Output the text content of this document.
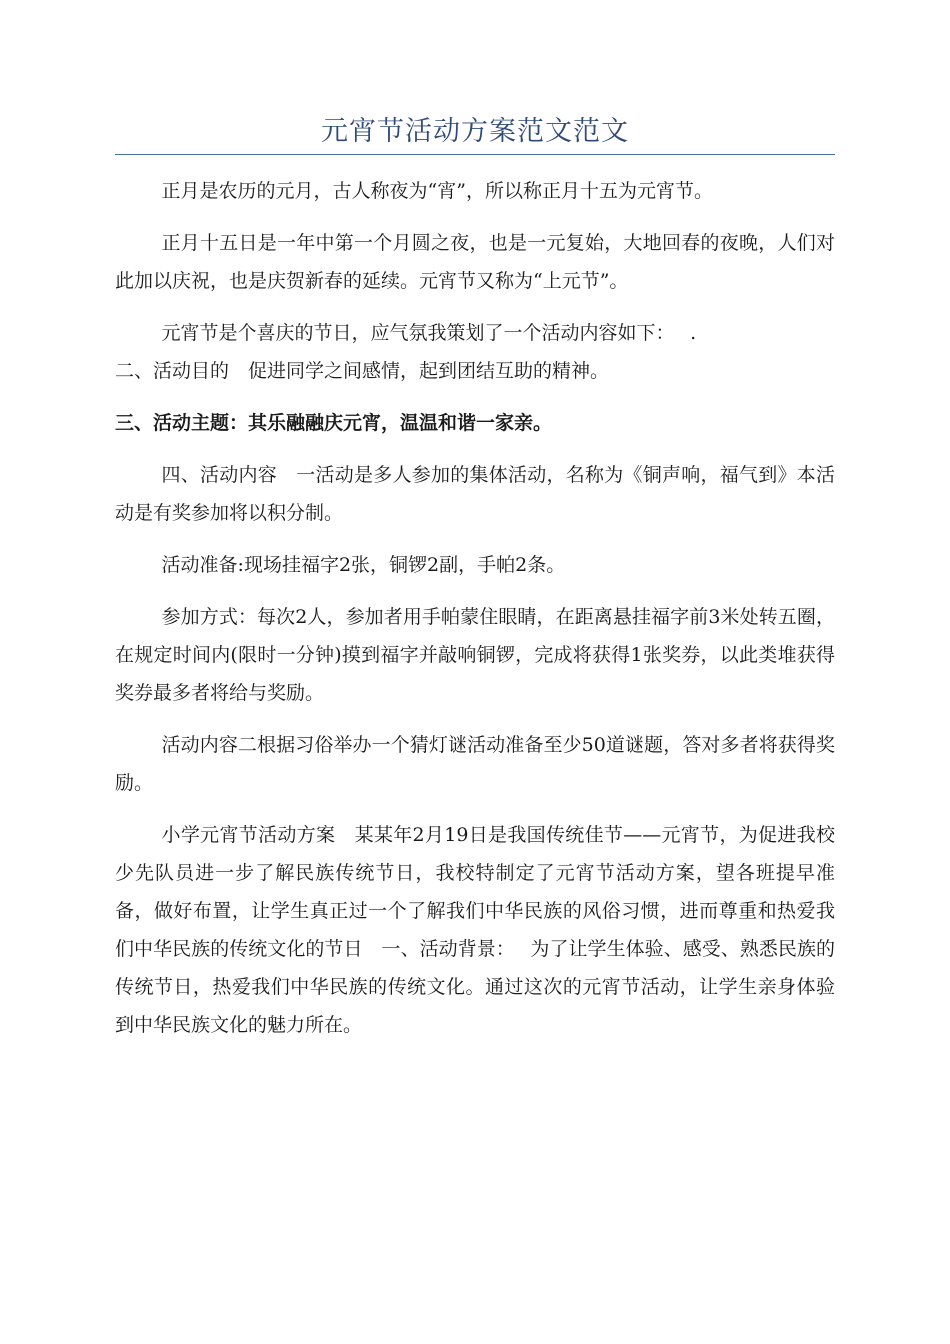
元宵节活动方案范文范文

正月是农历的元月，古人称夜为“宵”，所以称正月十五为元宵节。

正月十五日是一年中第一个月圆之夜，也是一元复始，大地回春的夜晚，人们对此加以庆祝，也是庆贺新春的延续。元宵节又称为“上元节”。

元宵节是个喜庆的节日，应气氛我策划了一个活动内容如下：　 .

二、活动目的　促进同学之间感情，起到团结互助的精神。

三、活动主题：其乐融融庆元宵，温温和谐一家亲。

四、活动内容　一活动是多人参加的集体活动，名称为《铜声响，福气到》本活动是有奖参加将以积分制。

活动准备:现场挂福字2张，铜锣2副，手帕2条。

参加方式：每次2人，参加者用手帕蒙住眼睛，在距离悬挂福字前3米处转五圈，在规定时间内(限时一分钟)摸到福字并敲响铜锣，完成将获得1张奖券，以此类堆获得奖券最多者将给与奖励。

活动内容二根据习俗举办一个猜灯谜活动准备至少50道谜题，答对多者将获得奖励。

小学元宵节活动方案　某某年2月19日是我国传统佳节——元宵节，为促进我校少先队员进一步了解民族传统节日，我校特制定了元宵节活动方案，望各班提早准备，做好布置，让学生真正过一个了解我们中华民族的风俗习惯，进而尊重和热爱我们中华民族的传统文化的节日　一、活动背景：　 为了让学生体验、感受、熟悉民族的传统节日，热爱我们中华民族的传统文化。通过这次的元宵节活动，让学生亲身体验到中华民族文化的魅力所在。
